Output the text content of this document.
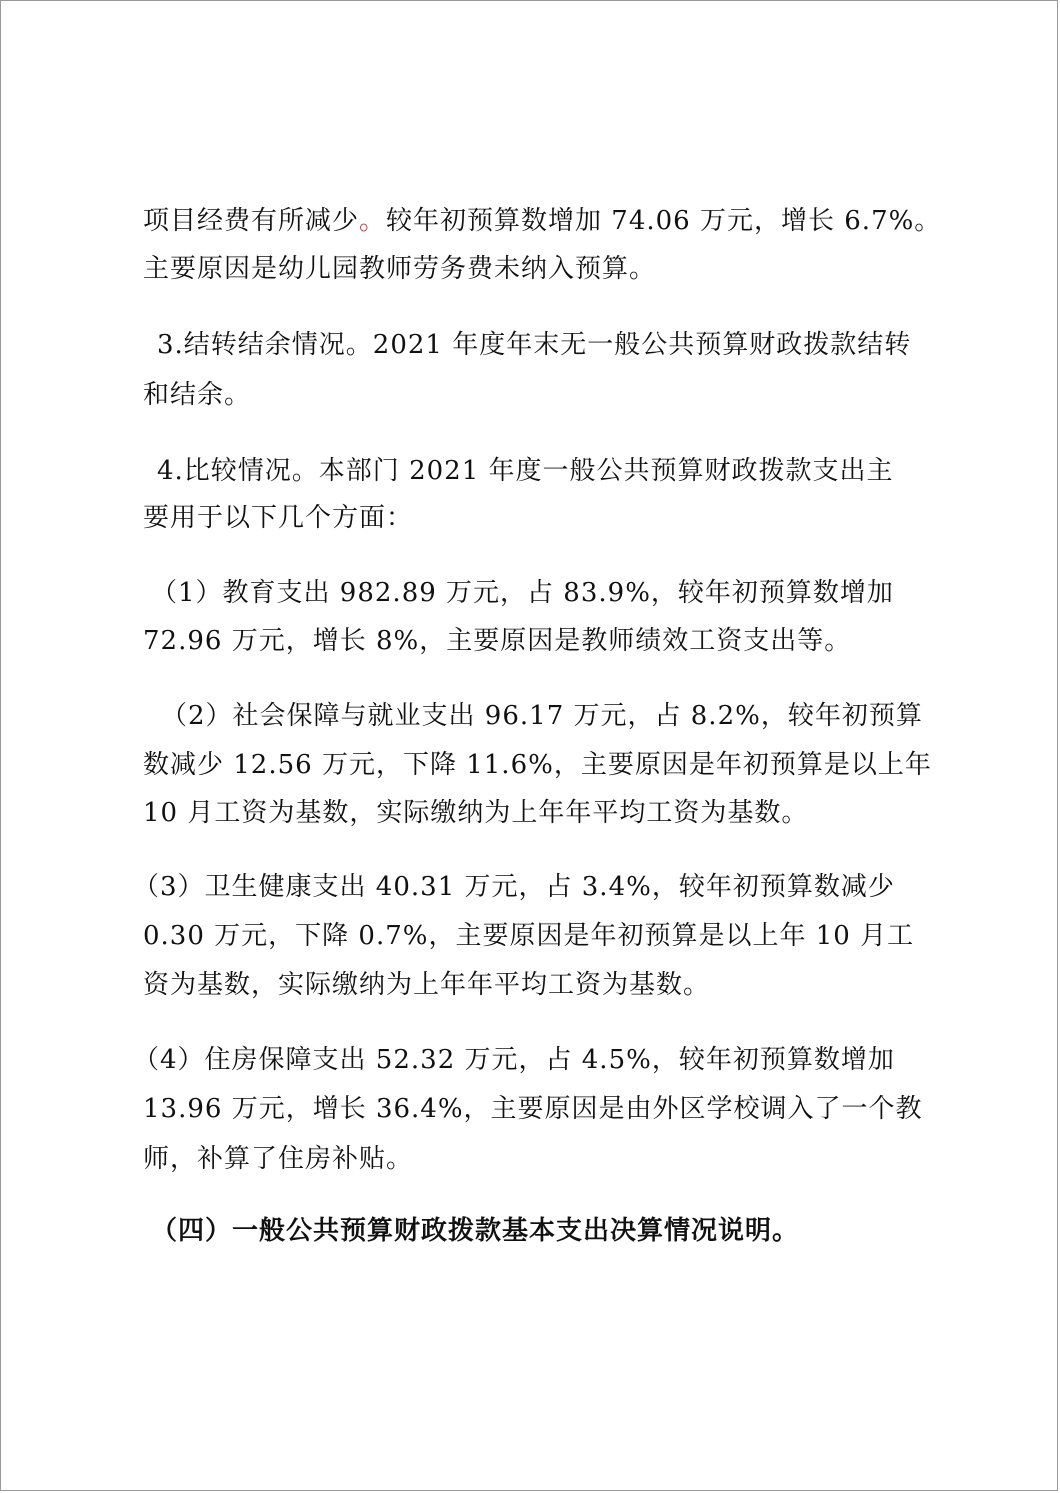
项目经费有所减少。较年初预算数增加 74.06 万元，增长 6.7%。
主要原因是幼儿园教师劳务费未纳入预算。
3.结转结余情况。2021 年度年末无一般公共预算财政拨款结转
和结余。
4.比较情况。本部门 2021 年度一般公共预算财政拨款支出主
要用于以下几个方面：
（1）教育支出 982.89 万元，占 83.9%，较年初预算数增加
72.96 万元，增长 8%，主要原因是教师绩效工资支出等。
（2）社会保障与就业支出 96.17 万元，占 8.2%，较年初预算
数减少 12.56 万元，下降 11.6%，主要原因是年初预算是以上年
10 月工资为基数，实际缴纳为上年年平均工资为基数。
（3）卫生健康支出 40.31 万元，占 3.4%，较年初预算数减少
0.30 万元，下降 0.7%，主要原因是年初预算是以上年 10 月工
资为基数，实际缴纳为上年年平均工资为基数。
（4）住房保障支出 52.32 万元，占 4.5%，较年初预算数增加
13.96 万元，增长 36.4%，主要原因是由外区学校调入了一个教
师，补算了住房补贴。
（四）一般公共预算财政拨款基本支出决算情况说明。
